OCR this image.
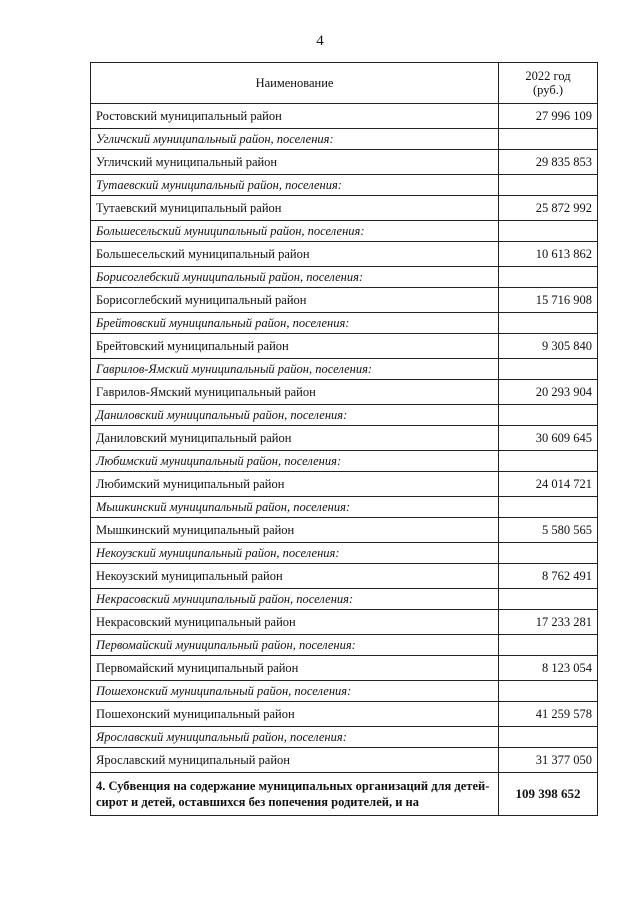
4
Наименование	2022 год
(руб.)
Ростовский муниципальный район	27 996 109
Угличский муниципальный район, поселения:	
Угличский муниципальный район	29 835 853
Тутаевский муниципальный район, поселения:	
Тутаевский муниципальный район	25 872 992
Большесельский муниципальный район, поселения:	
Большесельский муниципальный район	10 613 862
Борисоглебский муниципальный район, поселения:	
Борисоглебский муниципальный район	15 716 908
Брейтовский муниципальный район, поселения:	
Брейтовский муниципальный район	9 305 840
Гаврилов-Ямский муниципальный район, поселения:	
Гаврилов-Ямский муниципальный район	20 293 904
Даниловский муниципальный район, поселения:	
Даниловский муниципальный район	30 609 645
Любимский муниципальный район, поселения:	
Любимский муниципальный район	24 014 721
Мышкинский муниципальный район, поселения:	
Мышкинский муниципальный район	5 580 565
Некоузский муниципальный район, поселения:	
Некоузский муниципальный район	8 762 491
Некрасовский муниципальный район, поселения:	
Некрасовский муниципальный район	17 233 281
Первомайский муниципальный район, поселения:	
Первомайский муниципальный район	8 123 054
Пошехонский муниципальный район, поселения:	
Пошехонский муниципальный район	41 259 578
Ярославский муниципальный район, поселения:	
Ярославский муниципальный район	31 377 050
4. Субвенция на содержание муниципальных организаций для детей-сирот и детей, оставшихся без попечения родителей, и на	109 398 652
